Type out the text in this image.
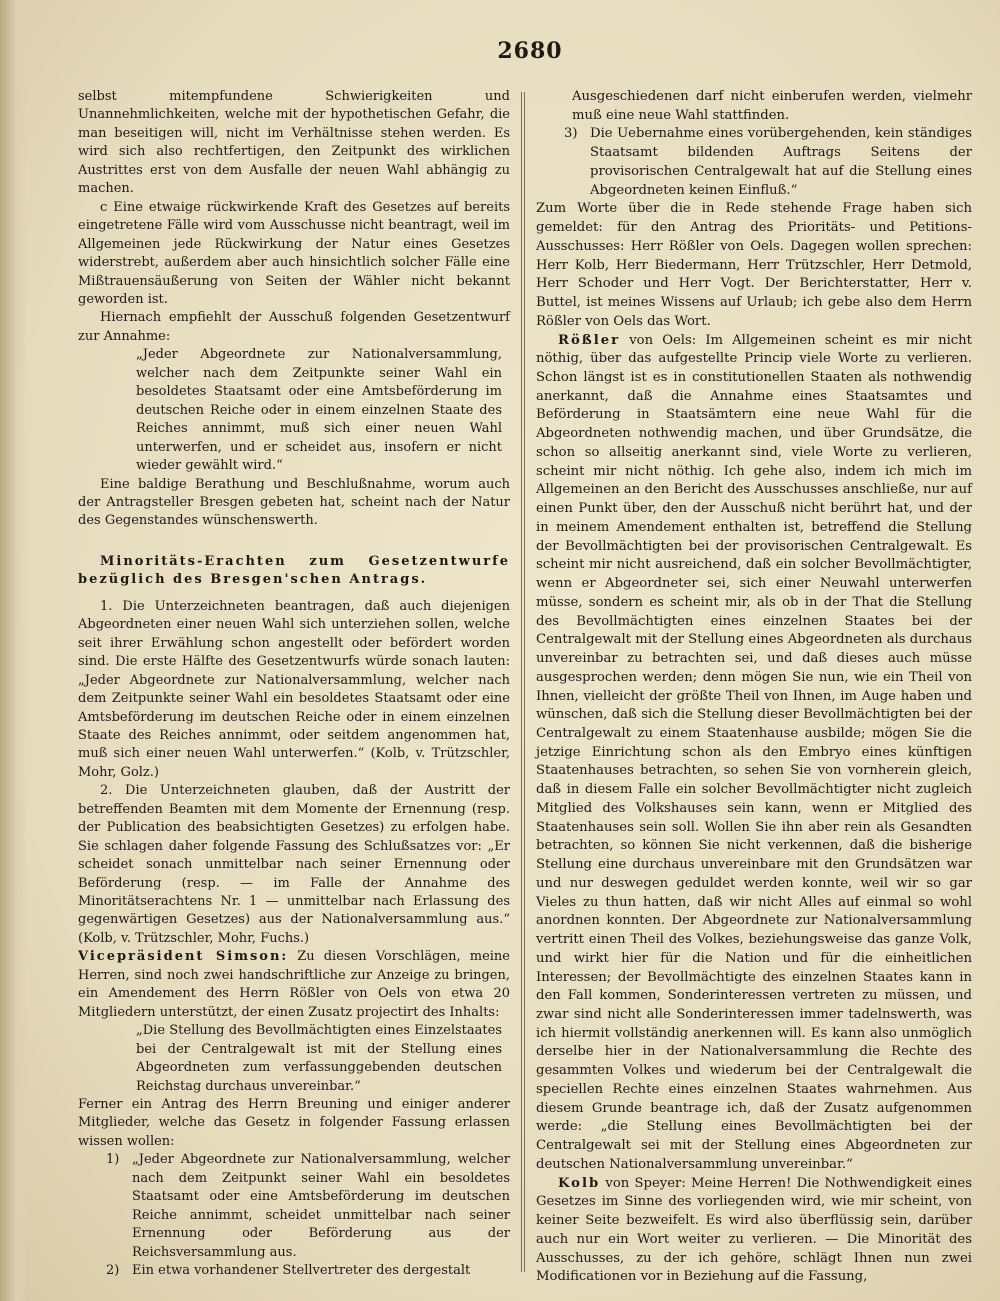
2680

selbst mitempfundene Schwierigkeiten und Unannehmlichkeiten, welche mit der hypothetischen Gefahr, die man beseitigen will, nicht im Verhältnisse stehen werden. Es wird sich also rechtfertigen, den Zeitpunkt des wirklichen Austrittes erst von dem Ausfalle der neuen Wahl abhängig zu machen.

c Eine etwaige rückwirkende Kraft des Gesetzes auf bereits eingetretene Fälle wird vom Ausschusse nicht beantragt, weil im Allgemeinen jede Rückwirkung der Natur eines Gesetzes widerstrebt, außerdem aber auch hinsichtlich solcher Fälle eine Mißtrauensäußerung von Seiten der Wähler nicht bekannt geworden ist.

Hiernach empfiehlt der Ausschuß folgenden Gesetzentwurf zur Annahme:

„Jeder Abgeordnete zur Nationalversammlung, welcher nach dem Zeitpunkte seiner Wahl ein besoldetes Staatsamt oder eine Amtsbeförderung im deutschen Reiche oder in einem einzelnen Staate des Reiches annimmt, muß sich einer neuen Wahl unterwerfen, und er scheidet aus, insofern er nicht wieder gewählt wird.“

Eine baldige Berathung und Beschlußnahme, worum auch der Antragsteller Bresgen gebeten hat, scheint nach der Natur des Gegenstandes wünschenswerth.

Minoritäts-Erachten zum Gesetzentwurfe bezüglich des Bresgen'schen Antrags.

1. Die Unterzeichneten beantragen, daß auch diejenigen Abgeordneten einer neuen Wahl sich unterziehen sollen, welche seit ihrer Erwählung schon angestellt oder befördert worden sind. Die erste Hälfte des Gesetzentwurfs würde sonach lauten: „Jeder Abgeordnete zur Nationalversammlung, welcher nach dem Zeitpunkte seiner Wahl ein besoldetes Staatsamt oder eine Amtsbeförderung im deutschen Reiche oder in einem einzelnen Staate des Reiches annimmt, oder seitdem angenommen hat, muß sich einer neuen Wahl unterwerfen.“ (Kolb, v. Trützschler, Mohr, Golz.)

2. Die Unterzeichneten glauben, daß der Austritt der betreffenden Beamten mit dem Momente der Ernennung (resp. der Publication des beabsichtigten Gesetzes) zu erfolgen habe. Sie schlagen daher folgende Fassung des Schlußsatzes vor: „Er scheidet sonach unmittelbar nach seiner Ernennung oder Beförderung (resp. — im Falle der Annahme des Minoritätserachtens Nr. 1 — unmittelbar nach Erlassung des gegenwärtigen Gesetzes) aus der Nationalversammlung aus.“ (Kolb, v. Trützschler, Mohr, Fuchs.)

Vicepräsident Simson: Zu diesen Vorschlägen, meine Herren, sind noch zwei handschriftliche zur Anzeige zu bringen, ein Amendement des Herrn Rößler von Oels von etwa 20 Mitgliedern unterstützt, der einen Zusatz projectirt des Inhalts:

„Die Stellung des Bevollmächtigten eines Einzelstaates bei der Centralgewalt ist mit der Stellung eines Abgeordneten zum verfassunggebenden deutschen Reichstag durchaus unvereinbar.“

Ferner ein Antrag des Herrn Breuning und einiger anderer Mitglieder, welche das Gesetz in folgender Fassung erlassen wissen wollen:

1) „Jeder Abgeordnete zur Nationalversammlung, welcher nach dem Zeitpunkt seiner Wahl ein besoldetes Staatsamt oder eine Amtsbeförderung im deutschen Reiche annimmt, scheidet unmittelbar nach seiner Ernennung oder Beförderung aus der Reichsversammlung aus.

2) Ein etwa vorhandener Stellvertreter des dergestalt

Ausgeschiedenen darf nicht einberufen werden, vielmehr muß eine neue Wahl stattfinden.

3) Die Uebernahme eines vorübergehenden, kein ständiges Staatsamt bildenden Auftrags Seitens der provisorischen Centralgewalt hat auf die Stellung eines Abgeordneten keinen Einfluß.“

Zum Worte über die in Rede stehende Frage haben sich gemeldet: für den Antrag des Prioritäts- und Petitions-Ausschusses: Herr Rößler von Oels. Dagegen wollen sprechen: Herr Kolb, Herr Biedermann, Herr Trützschler, Herr Detmold, Herr Schoder und Herr Vogt. Der Berichterstatter, Herr v. Buttel, ist meines Wissens auf Urlaub; ich gebe also dem Herrn Rößler von Oels das Wort.

Rößler von Oels: Im Allgemeinen scheint es mir nicht nöthig, über das aufgestellte Princip viele Worte zu verlieren. Schon längst ist es in constitutionellen Staaten als nothwendig anerkannt, daß die Annahme eines Staatsamtes und Beförderung in Staatsämtern eine neue Wahl für die Abgeordneten nothwendig machen, und über Grundsätze, die schon so allseitig anerkannt sind, viele Worte zu verlieren, scheint mir nicht nöthig. Ich gehe also, indem ich mich im Allgemeinen an den Bericht des Ausschusses anschließe, nur auf einen Punkt über, den der Ausschuß nicht berührt hat, und der in meinem Amendement enthalten ist, betreffend die Stellung der Bevollmächtigten bei der provisorischen Centralgewalt. Es scheint mir nicht ausreichend, daß ein solcher Bevollmächtigter, wenn er Abgeordneter sei, sich einer Neuwahl unterwerfen müsse, sondern es scheint mir, als ob in der That die Stellung des Bevollmächtigten eines einzelnen Staates bei der Centralgewalt mit der Stellung eines Abgeordneten als durchaus unvereinbar zu betrachten sei, und daß dieses auch müsse ausgesprochen werden; denn mögen Sie nun, wie ein Theil von Ihnen, vielleicht der größte Theil von Ihnen, im Auge haben und wünschen, daß sich die Stellung dieser Bevollmächtigten bei der Centralgewalt zu einem Staatenhause ausbilde; mögen Sie die jetzige Einrichtung schon als den Embryo eines künftigen Staatenhauses betrachten, so sehen Sie von vornherein gleich, daß in diesem Falle ein solcher Bevollmächtigter nicht zugleich Mitglied des Volkshauses sein kann, wenn er Mitglied des Staatenhauses sein soll. Wollen Sie ihn aber rein als Gesandten betrachten, so können Sie nicht verkennen, daß die bisherige Stellung eine durchaus unvereinbare mit den Grundsätzen war und nur deswegen geduldet werden konnte, weil wir so gar Vieles zu thun hatten, daß wir nicht Alles auf einmal so wohl anordnen konnten. Der Abgeordnete zur Nationalversammlung vertritt einen Theil des Volkes, beziehungsweise das ganze Volk, und wirkt hier für die Nation und für die einheitlichen Interessen; der Bevollmächtigte des einzelnen Staates kann in den Fall kommen, Sonderinteressen vertreten zu müssen, und zwar sind nicht alle Sonderinteressen immer tadelnswerth, was ich hiermit vollständig anerkennen will. Es kann also unmöglich derselbe hier in der Nationalversammlung die Rechte des gesammten Volkes und wiederum bei der Centralgewalt die speciellen Rechte eines einzelnen Staates wahrnehmen. Aus diesem Grunde beantrage ich, daß der Zusatz aufgenommen werde: „die Stellung eines Bevollmächtigten bei der Centralgewalt sei mit der Stellung eines Abgeordneten zur deutschen Nationalversammlung unvereinbar.“

Kolb von Speyer: Meine Herren! Die Nothwendigkeit eines Gesetzes im Sinne des vorliegenden wird, wie mir scheint, von keiner Seite bezweifelt. Es wird also überflüssig sein, darüber auch nur ein Wort weiter zu verlieren. — Die Minorität des Ausschusses, zu der ich gehöre, schlägt Ihnen nun zwei Modificationen vor in Beziehung auf die Fassung,
